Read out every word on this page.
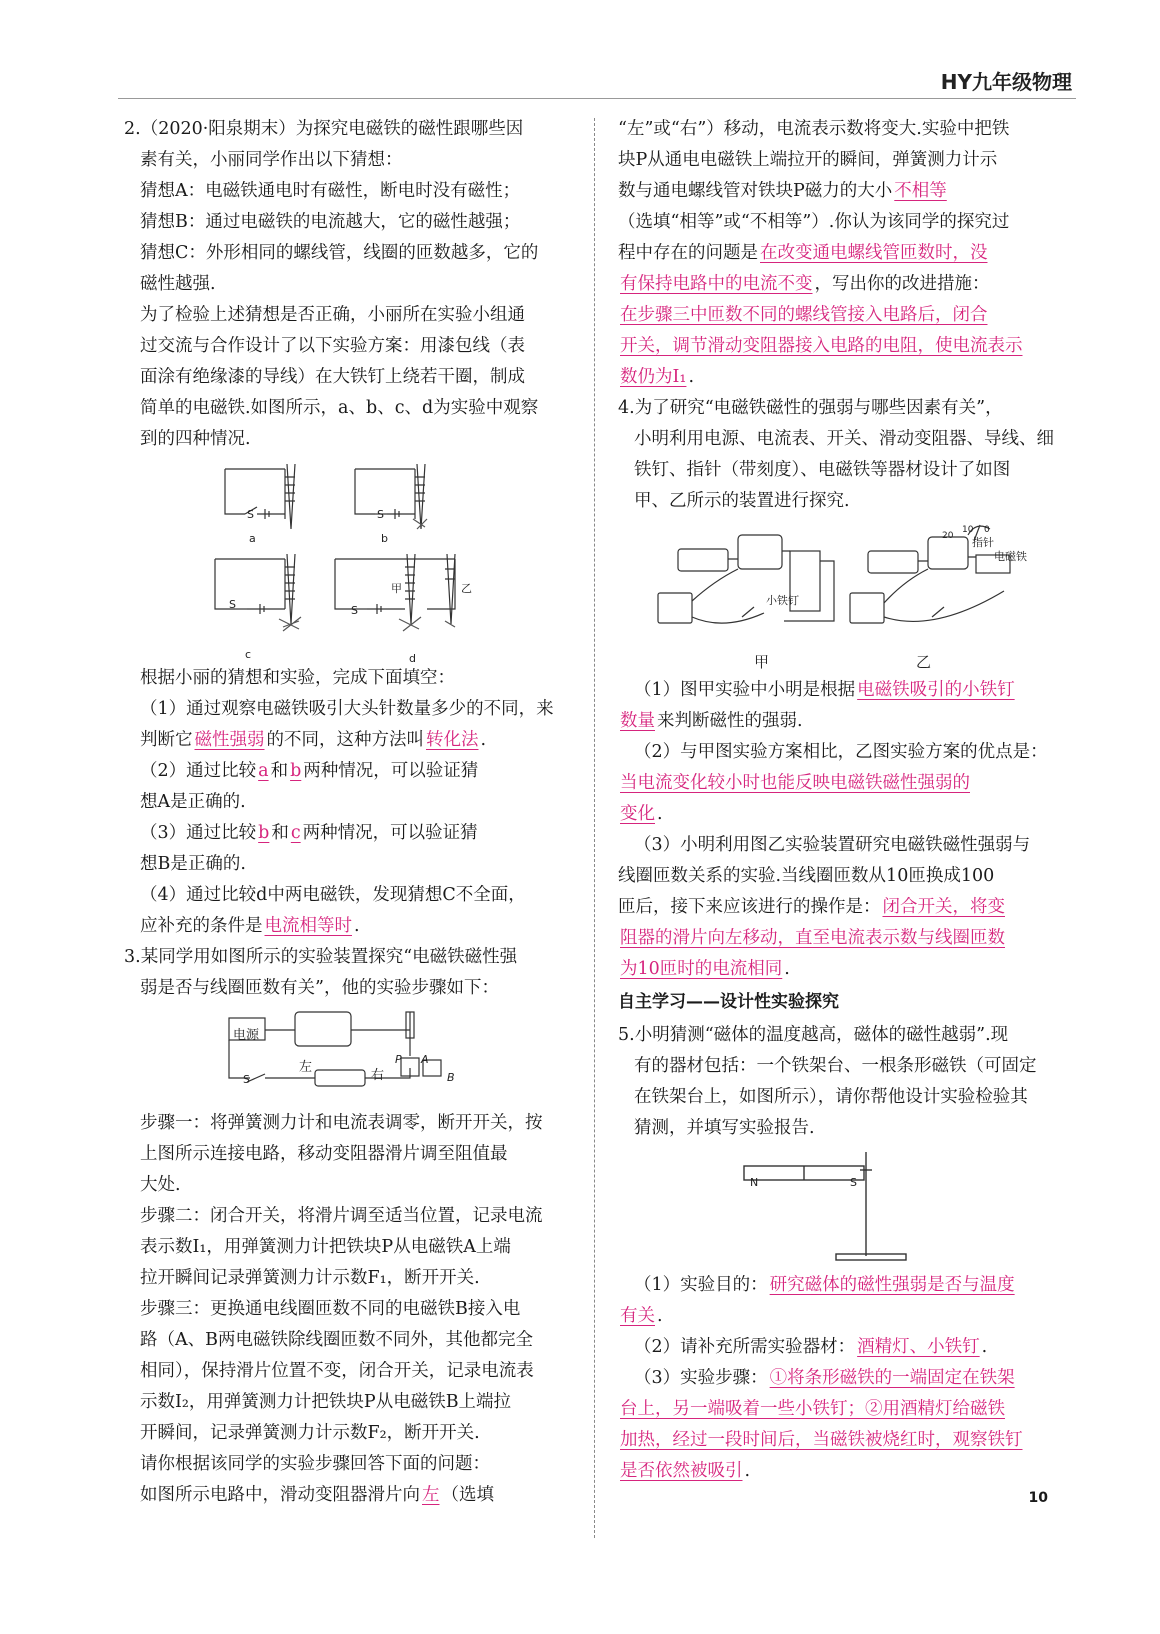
HY九年级物理

2.（2020·阳泉期末）为探究电磁铁的磁性跟哪些因

素有关，小丽同学作出以下猜想：

猜想A：电磁铁通电时有磁性，断电时没有磁性；

猜想B：通过电磁铁的电流越大，它的磁性越强；

猜想C：外形相同的螺线管，线圈的匝数越多，它的

磁性越强.

为了检验上述猜想是否正确，小丽所在实验小组通

过交流与合作设计了以下实验方案：用漆包线（表

面涂有绝缘漆的导线）在大铁钉上绕若干圈，制成

简单的电磁铁.如图所示，a、b、c、d为实验中观察

到的四种情况.

S
a
S
b
S
c
S
甲	乙
d

根据小丽的猜想和实验，完成下面填空：

（1）通过观察电磁铁吸引大头针数量多少的不同，来

判断它 磁性强弱 的不同，这种方法叫 转化法 .

（2）通过比较 a 和 b 两种情况，可以验证猜

想A是正确的.

（3）通过比较 b 和 c 两种情况，可以验证猜

想B是正确的.

（4）通过比较d中两电磁铁，发现猜想C不全面，

应补充的条件是 电流相等时 .

3.某同学用如图所示的实验装置探究“电磁铁磁性强

弱是否与线圈匝数有关”，他的实验步骤如下：

电源
S
左
右
P A
B

步骤一：将弹簧测力计和电流表调零，断开开关，按

上图所示连接电路，移动变阻器滑片调至阻值最

大处.

步骤二：闭合开关，将滑片调至适当位置，记录电流

表示数I₁，用弹簧测力计把铁块P从电磁铁A上端

拉开瞬间记录弹簧测力计示数F₁，断开开关.

步骤三：更换通电线圈匝数不同的电磁铁B接入电

路（A、B两电磁铁除线圈匝数不同外，其他都完全

相同），保持滑片位置不变，闭合开关，记录电流表

示数I₂，用弹簧测力计把铁块P从电磁铁B上端拉

开瞬间，记录弹簧测力计示数F₂，断开开关.

请你根据该同学的实验步骤回答下面的问题：

如图所示电路中，滑动变阻器滑片向 左 （选填

“左”或“右”）移动，电流表示数将变大.实验中把铁

块P从通电电磁铁上端拉开的瞬间，弹簧测力计示

数与通电螺线管对铁块P磁力的大小 不相等

（选填“相等”或“不相等”）.你认为该同学的探究过

程中存在的问题是 在改变通电螺线管匝数时，没

有保持电路中的电流不变 ，写出你的改进措施：

在步骤三中匝数不同的螺线管接入电路后，闭合

开关，调节滑动变阻器接入电路的电阻，使电流表示

数仍为I₁ .

4.为了研究“电磁铁磁性的强弱与哪些因素有关”，

小明利用电源、电流表、开关、滑动变阻器、导线、细

铁钉、指针（带刻度）、电磁铁等器材设计了如图

甲、乙所示的装置进行探究.

小铁钉
电磁铁
指针
20
10 0
甲	乙

（1）图甲实验中小明是根据 电磁铁吸引的小铁钉

数量 来判断磁性的强弱.

（2）与甲图实验方案相比，乙图实验方案的优点是：

当电流变化较小时也能反映电磁铁磁性强弱的

变化 .

（3）小明利用图乙实验装置研究电磁铁磁性强弱与

线圈匝数关系的实验.当线圈匝数从10匝换成100

匝后，接下来应该进行的操作是： 闭合开关，将变

阻器的滑片向左移动，直至电流表示数与线圈匝数

为10匝时的电流相同 .

自主学习——设计性实验探究

5.小明猜测“磁体的温度越高，磁体的磁性越弱”.现

有的器材包括：一个铁架台、一根条形磁铁（可固定

在铁架台上，如图所示），请你帮他设计实验检验其

猜测，并填写实验报告.

N	S

（1）实验目的： 研究磁体的磁性强弱是否与温度

有关 .

（2）请补充所需实验器材： 酒精灯、小铁钉 .

（3）实验步骤： ①将条形磁铁的一端固定在铁架

台上，另一端吸着一些小铁钉；②用酒精灯给磁铁

加热，经过一段时间后，当磁铁被烧红时，观察铁钉

是否依然被吸引 .

10
